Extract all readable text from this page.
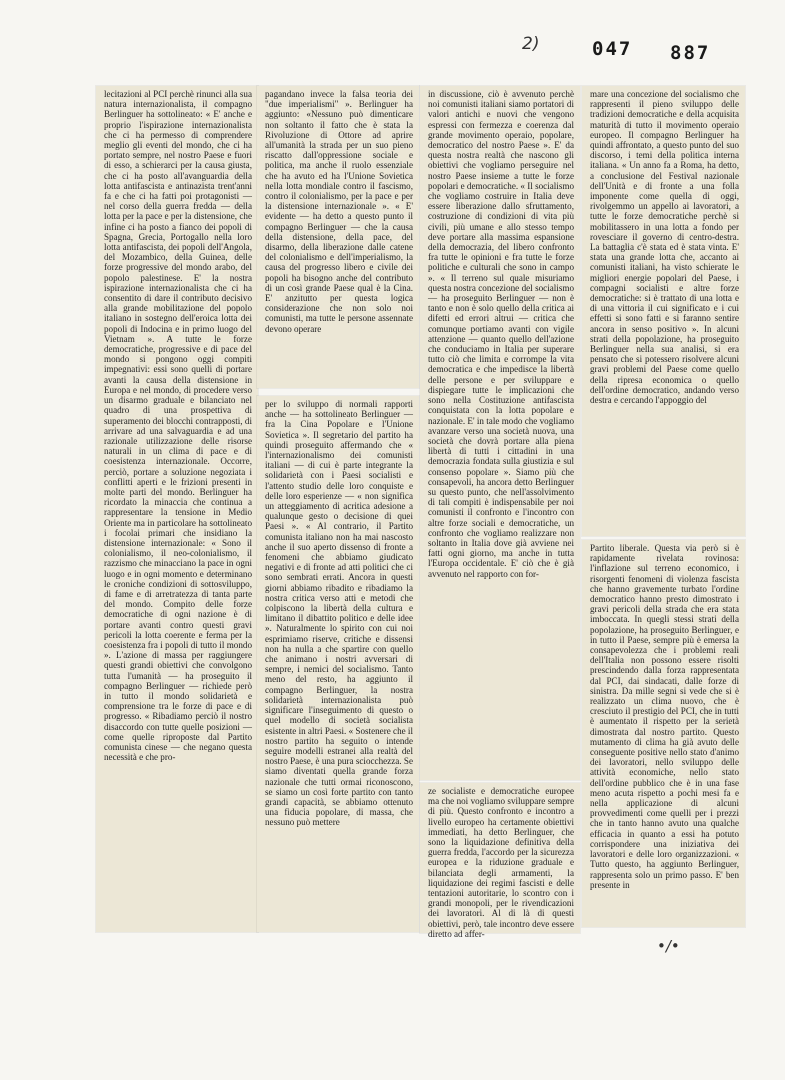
2)	047 887
lecitazioni al PCI perchè rinunci alla sua natura internazionalista, il compagno Berlinguer ha sottolineato: « E' anche e proprio l'ispirazione internazionalista che ci ha permesso di comprendere meglio gli eventi del mondo, che ci ha portato sempre, nel nostro Paese e fuori di esso, a schierarci per la causa giusta, che ci ha posto all'avanguardia della lotta antifascista e antinazista trent'anni fa e che ci ha fatti poi protagonisti — nel corso della guerra fredda — della lotta per la pace e per la distensione, che infine ci ha posto a fianco dei popoli di Spagna, Grecia, Portogallo nella loro lotta antifascista, dei popoli dell'Angola, del Mozambico, della Guinea, delle forze progressive del mondo arabo, del popolo palestinese. E' la nostra ispirazione internazionalista che ci ha consentito di dare il contributo decisivo alla grande mobilitazione del popolo italiano in sostegno dell'eroica lotta dei popoli di Indocina e in primo luogo del Vietnam ». A tutte le forze democratiche, progressive e di pace del mondo si pongono oggi compiti impegnativi: essi sono quelli di portare avanti la causa della distensione in Europa e nel mondo, di procedere verso un disarmo graduale e bilanciato nel quadro di una prospettiva di superamento dei blocchi contrapposti, di arrivare ad una salvaguardia e ad una razionale utilizzazione delle risorse naturali in un clima di pace e di coesistenza internazionale. Occorre, perciò, portare a soluzione negoziata i conflitti aperti e le frizioni presenti in molte parti del mondo. Berlinguer ha ricordato la minaccia che continua a rappresentare la tensione in Medio Oriente ma in particolare ha sottolineato i focolai primari che insidiano la distensione internazionale: « Sono il colonialismo, il neo-colonialismo, il razzismo che minacciano la pace in ogni luogo e in ogni momento e determinano le croniche condizioni di sottosviluppo, di fame e di arretratezza di tanta parte del mondo. Compito delle forze democratiche di ogni nazione è di portare avanti contro questi gravi pericoli la lotta coerente e ferma per la coesistenza fra i popoli di tutto il mondo ». L'azione di massa per raggiungere questi grandi obiettivi che convolgono tutta l'umanità — ha proseguito il compagno Berlinguer — richiede però in tutto il mondo solidarietà e comprensione tra le forze di pace e di progresso. « Ribadiamo perciò il nostro disaccordo con tutte quelle posizioni — come quelle riproposte dal Partito comunista cinese — che negano questa necessità e che pro-
pagandano invece la falsa teoria dei "due imperialismi" ». Berlinguer ha aggiunto: «Nessuno può dimenticare non soltanto il fatto che è stata la Rivoluzione di Ottore ad aprire all'umanità la strada per un suo pieno riscatto dall'oppressione sociale e politica, ma anche il ruolo essenziale che ha avuto ed ha l'Unione Sovietica nella lotta mondiale contro il fascismo, contro il colonialismo, per la pace e per la distensione internazionale ». « E' evidente — ha detto a questo punto il compagno Berlinguer — che la causa della distensione, della pace, del disarmo, della liberazione dalle catene del colonialismo e dell'imperialismo, la causa del progresso libero e civile dei popoli ha bisogno anche del contributo di un così grande Paese qual è la Cina. E' anzitutto per questa logica considerazione che non solo noi comunisti, ma tutte le persone assennate devono operare
per lo sviluppo di normali rapporti anche — ha sottolineato Berlinguer — fra la Cina Popolare e l'Unione Sovietica ». Il segretario del partito ha quindi proseguito affermando che « l'internazionalismo dei comunisti italiani — di cui è parte integrante la solidarietà con i Paesi socialisti e l'attento studio delle loro conquiste e delle loro esperienze — « non significa un atteggiamento di acritica adesione a qualunque gesto o decisione di quei Paesi ». « Al contrario, il Partito comunista italiano non ha mai nascosto anche il suo aperto dissenso di fronte a fenomeni che abbiamo giudicato negativi e di fronte ad atti politici che ci sono sembrati errati. Ancora in questi giorni abbiamo ribadito e ribadiamo la nostra critica verso atti e metodi che colpiscono la libertà della cultura e limitano il dibattito politico e delle idee ». Naturalmente lo spirito con cui noi esprimiamo riserve, critiche e dissensi non ha nulla a che spartire con quello che animano i nostri avversari di sempre, i nemici del socialismo. Tanto meno del resto, ha aggiunto il compagno Berlinguer, la nostra solidarietà internazionalista può significare l'inseguimento di questo o quel modello di società socialista esistente in altri Paesi. « Sostenere che il nostro partito ha seguito o intende seguire modelli estranei alla realtà del nostro Paese, è una pura sciocchezza. Se siamo diventati quella grande forza nazionale che tutti ormai riconoscono, se siamo un così forte partito con tanto grandi capacità, se abbiamo ottenuto una fiducia popolare, di massa, che nessuno può mettere
in discussione, ciò è avvenuto perchè noi comunisti italiani siamo portatori di valori antichi e nuovi che vengono espressi con fermezza e coerenza dal grande movimento operaio, popolare, democratico del nostro Paese ». E' da questa nostra realtà che nascono gli obiettivi che vogliamo perseguire nel nostro Paese insieme a tutte le forze popolari e democratiche. « Il socialismo che vogliamo costruire in Italia deve essere liberazione dallo sfruttamento, costruzione di condizioni di vita più civili, più umane e allo stesso tempo deve portare alla massima espansione della democrazia, del libero confronto fra tutte le opinioni e fra tutte le forze politiche e culturali che sono in campo ». « Il terreno sul quale misuriamo questa nostra concezione del socialismo — ha proseguito Berlinguer — non è tanto e non è solo quello della critica ai difetti ed errori altrui — critica che comunque portiamo avanti con vigile attenzione — quanto quello dell'azione che conduciamo in Italia per superare tutto ciò che limita e corrompe la vita democratica e che impedisce la libertà delle persone e per sviluppare e dispiegare tutte le implicazioni che sono nella Costituzione antifascista conquistata con la lotta popolare e nazionale. E' in tale modo che vogliamo avanzare verso una società nuova, una società che dovrà portare alla piena libertà di tutti i cittadini in una democrazia fondata sulla giustizia e sul consenso popolare ». Siamo più che consapevoli, ha ancora detto Berlinguer su questo punto, che nell'assolvimento di tali compiti è indispensabile per noi comunisti il confronto e l'incontro con altre forze sociali e democratiche, un confronto che vogliamo realizzare non soltanto in Italia dove già avviene nei fatti ogni giorno, ma anche in tutta l'Europa occidentale. E' ciò che è già avvenuto nel rapporto con for-
ze socialiste e democratiche europee ma che noi vogliamo sviluppare sempre di più. Questo confronto e incontro a livello europeo ha certamente obiettivi immediati, ha detto Berlinguer, che sono la liquidazione definitiva della guerra fredda, l'accordo per la sicurezza europea e la riduzione graduale e bilanciata degli armamenti, la liquidazione dei regimi fascisti e delle tentazioni autoritarie, lo scontro con i grandi monopoli, per le rivendicazioni dei lavoratori. Al di là di questi obiettivi, però, tale incontro deve essere diretto ad affer-
mare una concezione del socialismo che rappresenti il pieno sviluppo delle tradizioni democratiche e della acquisita maturità di tutto il movimento operaio europeo. Il compagno Berlinguer ha quindi affrontato, a questo punto del suo discorso, i temi della politica interna italiana. « Un anno fa a Roma, ha detto, a conclusione del Festival nazionale dell'Unità e di fronte a una folla imponente come quella di oggi, rivolgemmo un appello ai lavoratori, a tutte le forze democratiche perchè si mobilitassero in una lotta a fondo per rovesciare il governo di centro-destra. La battaglia c'è stata ed è stata vinta. E' stata una grande lotta che, accanto ai comunisti italiani, ha visto schierate le migliori energie popolari del Paese, i compagni socialisti e altre forze democratiche: si è trattato di una lotta e di una vittoria il cui significato e i cui effetti si sono fatti e si faranno sentire ancora in senso positivo ». In alcuni strati della popolazione, ha proseguito Berlinguer nella sua analisi, si era pensato che si potessero risolvere alcuni gravi problemi del Paese come quello della ripresa economica o quello dell'ordine democratico, andando verso destra e cercando l'appoggio del
Partito liberale. Questa via però si è rapidamente rivelata rovinosa: l'inflazione sul terreno economico, i risorgenti fenomeni di violenza fascista che hanno gravemente turbato l'ordine democratico hanno presto dimostrato i gravi pericoli della strada che era stata imboccata. In quegli stessi strati della popolazione, ha proseguito Berlinguer, e in tutto il Paese, sempre più è emersa la consapevolezza che i problemi reali dell'Italia non possono essere risolti prescindendo dalla forza rappresentata dal PCI, dai sindacati, dalle forze di sinistra. Da mille segni si vede che si è realizzato un clima nuovo, che è cresciuto il prestigio del PCI, che in tutti è aumentato il rispetto per la serietà dimostrata dal nostro partito. Questo mutamento di clima ha già avuto delle conseguente positive nello stato d'animo dei lavoratori, nello sviluppo delle attività economiche, nello stato dell'ordine pubblico che è in una fase meno acuta rispetto a pochi mesi fa e nella applicazione di alcuni provvedimenti come quelli per i prezzi che in tanto hanno avuto una qualche efficacia in quanto a essi ha potuto corrispondere una iniziativa dei lavoratori e delle loro organizzazioni. « Tutto questo, ha aggiunto Berlinguer, rappresenta solo un primo passo. E' ben presente in
•/•
